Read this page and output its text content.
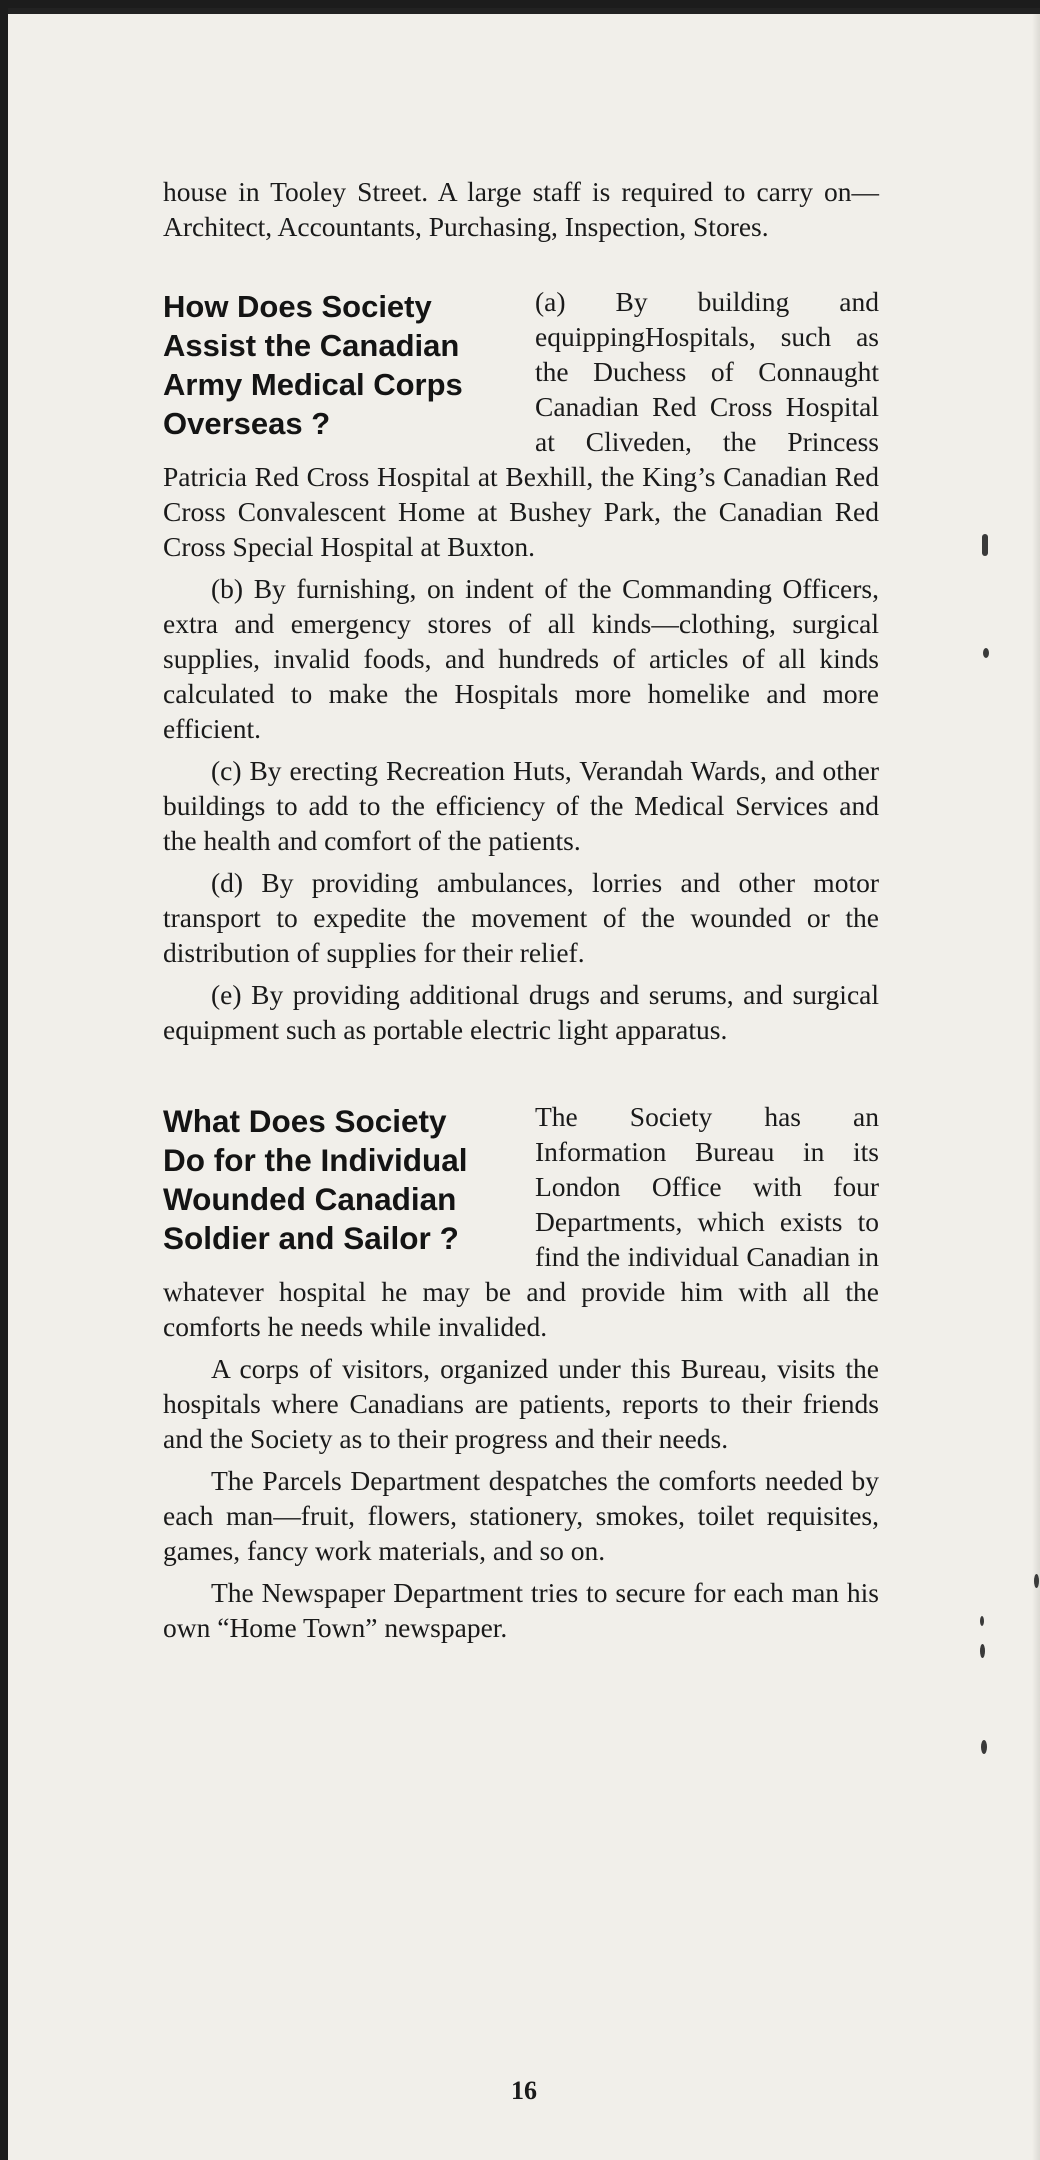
house in Tooley Street. A large staff is required to carry on—Architect, Accountants, Purchasing, Inspection, Stores.

How Does Society
Assist the Canadian
Army Medical Corps
Overseas ?

(a) By building and equippingHospitals, such as the Duchess of Connaught Canadian Red Cross Hospital at Cliveden, the Princess Patricia Red Cross Hospital at Bexhill, the King’s Canadian Red Cross Convalescent Home at Bushey Park, the Canadian Red Cross Special Hospital at Buxton.

(b) By furnishing, on indent of the Commanding Officers, extra and emergency stores of all kinds—clothing, surgical supplies, invalid foods, and hundreds of articles of all kinds calculated to make the Hospitals more homelike and more efficient.

(c) By erecting Recreation Huts, Verandah Wards, and other buildings to add to the efficiency of the Medical Services and the health and comfort of the patients.

(d) By providing ambulances, lorries and other motor transport to expedite the movement of the wounded or the distribution of supplies for their relief.

(e) By providing additional drugs and serums, and surgical equipment such as portable electric light apparatus.

What Does Society
Do for the Individual
Wounded Canadian
Soldier and Sailor ?

The Society has an Information Bureau in its London Office with four Departments, which exists to find the individual Canadian in whatever hospital he may be and provide him with all the comforts he needs while invalided.

A corps of visitors, organized under this Bureau, visits the hospitals where Canadians are patients, reports to their friends and the Society as to their progress and their needs.

The Parcels Department despatches the comforts needed by each man—fruit, flowers, stationery, smokes, toilet requisites, games, fancy work materials, and so on.

The Newspaper Department tries to secure for each man his own “Home Town” newspaper.

16
